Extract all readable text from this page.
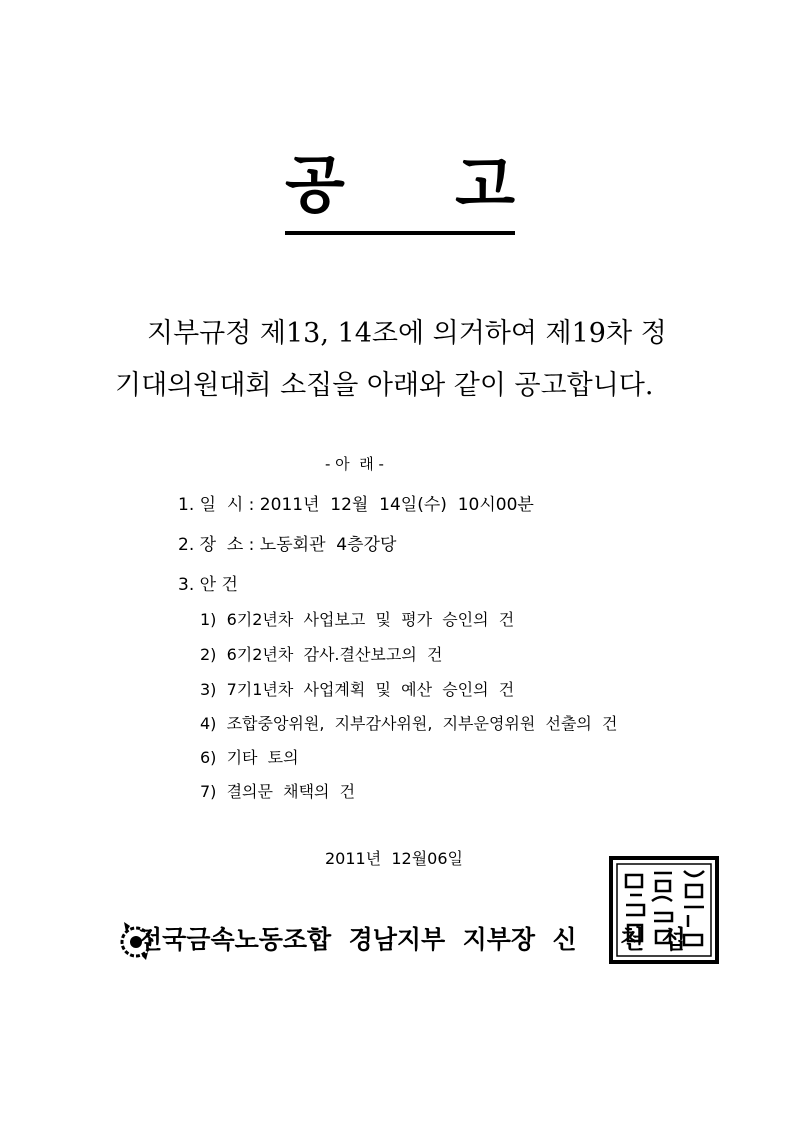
공 고

지부규정 제13, 14조에 의거하여 제19차 정

기대의원대회 소집을 아래와 같이 공고합니다.

- 아  래 -
1. 일  시 : 2011년  12월  14일(수)  10시00분
2. 장  소 : 노동회관  4층강당
3. 안 건
1)  6기2년차  사업보고  및  평가  승인의  건
2)  6기2년차  감사.결산보고의  건
3)  7기1년차  사업계획  및  예산  승인의  건
4)  조합중앙위원,  지부감사위원,  지부운영위원  선출의  건
6)  기타  토의
7)  결의문  채택의  건
2011년  12월06일
전국금속노동조합  경남지부  지부장  신     천  섭
